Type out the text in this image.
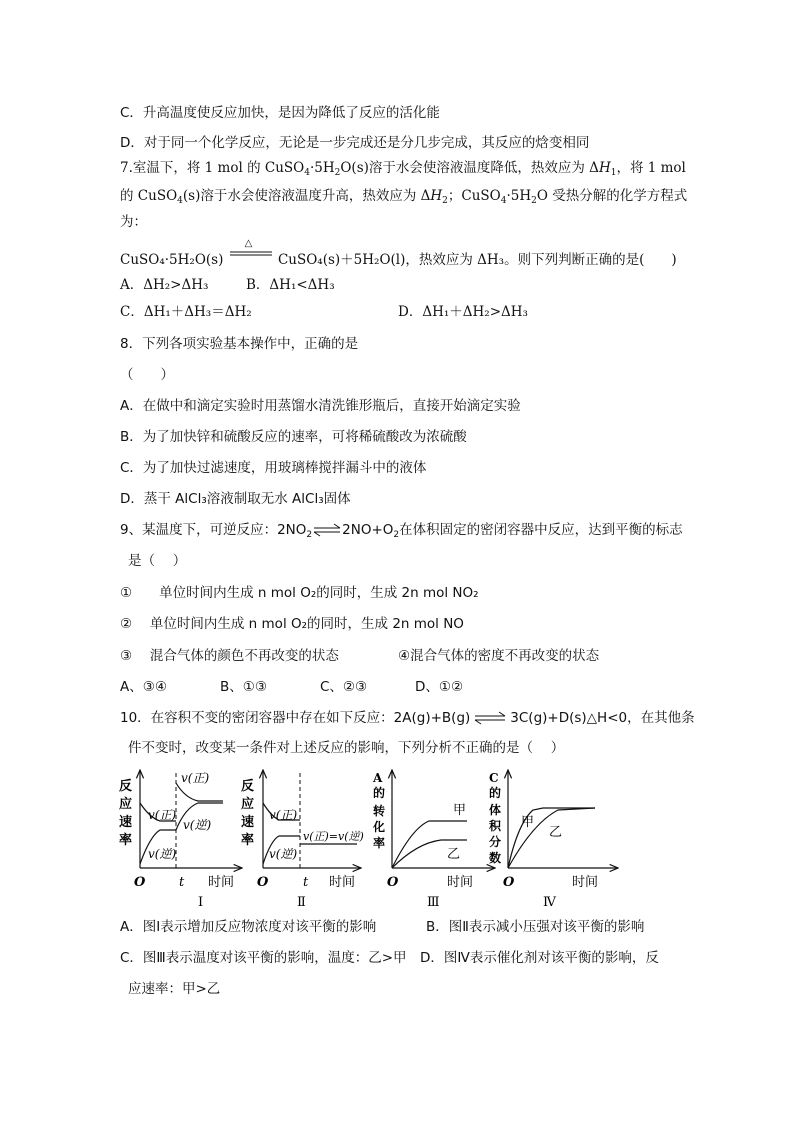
C．升高温度使反应加快，是因为降低了反应的活化能
D．对于同一个化学反应，无论是一步完成还是分几步完成，其反应的焓变相同
7.室温下，将 1 mol 的 $CuSO_4\cdot 5H_2O(s)$溶于水会使溶液温度降低，热效应为 $\Delta H_1$，将 1 mol
的 CuSO$_4$(s)溶于水会使溶液温度升高，热效应为 $\Delta H_2$；$CuSO_4\cdot 5H_2O$ 受热分解的化学方程式
为：
CuSO₄·5H₂O(s)
△
CuSO₄(s)＋5H₂O(l)，热效应为 ΔH₃。则下列判断正确的是(　　)
A．ΔH₂>ΔH₃	B．ΔH₁<ΔH₃
C．ΔH₁＋ΔH₃＝ΔH₂	D．ΔH₁＋ΔH₂>ΔH₃
8．下列各项实验基本操作中，正确的是
（　　）
A．在做中和滴定实验时用蒸馏水清洗锥形瓶后，直接开始滴定实验
B．为了加快锌和硫酸反应的速率，可将稀硫酸改为浓硫酸
C．为了加快过滤速度，用玻璃棒搅拌漏斗中的液体
D．蒸干 AlCl₃溶液制取无水 AlCl₃固体
9、某温度下，可逆反应：$2NO_2\rightleftharpoons 2NO+O_2$在体积固定的密闭容器中反应，达到平衡的标志
是（　 ）
①　　单位时间内生成 n mol O₂的同时，生成 2n mol NO₂
②　 单位时间内生成 n mol O₂的同时，生成 2n mol NO
③　 混合气体的颜色不再改变的状态	④混合气体的密度不再改变的状态
A、③④	B、①③	C、②③	D、①②
10．在容积不变的密闭容器中存在如下反应：2A(g)+B(g) ⇌ 3C(g)+D(s)△H<0，在其他条
件不变时，改变某一条件对上述反应的影响，下列分析不正确的是（　 ）
反
应
速
率
v(正)
v(逆)
v(正)
v(逆)
O	t 时间
Ⅰ
反
应
速
率
v(正)
v(逆)
v(正)=v(逆)
O	t 时间
Ⅱ
A
的
转
化
率
甲
乙
O	时间
Ⅲ
C
的
体
积
分
数
甲
乙
O	时间
Ⅳ
A．图Ⅰ表示增加反应物浓度对该平衡的影响	B．图Ⅱ表示减小压强对该平衡的影响
C．图Ⅲ表示温度对该平衡的影响，温度：乙>甲 D．图Ⅳ表示催化剂对该平衡的影响，反
应速率：甲>乙
